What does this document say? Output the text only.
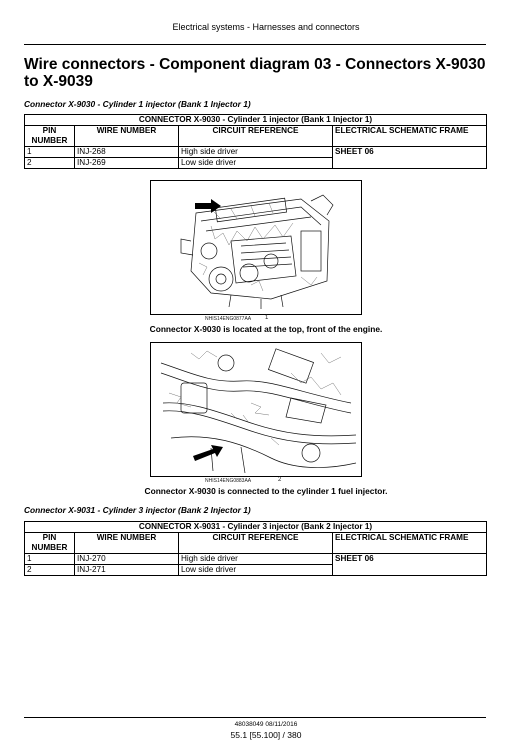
Electrical systems - Harnesses and connectors
Wire connectors - Component diagram 03 - Connectors X-9030 to X-9039
Connector X-9030 - Cylinder 1 injector (Bank 1 Injector 1)
CONNECTOR X-9030 - Cylinder 1 injector (Bank 1 Injector 1)			
PIN NUMBER	WIRE NUMBER	CIRCUIT REFERENCE	ELECTRICAL SCHEMATIC FRAME
1	INJ-268	High side driver	SHEET 06
2	INJ-269	Low side driver	
NHIS14ENG0877AA 1
Connector X-9030 is located at the top, front of the engine.
NHIS14ENG0883AA	2
Connector X-9030 is connected to the cylinder 1 fuel injector.
Connector X-9031 - Cylinder 3 injector (Bank 2 Injector 1)
CONNECTOR X-9031 - Cylinder 3 injector (Bank 2 Injector 1)			
PIN NUMBER	WIRE NUMBER	CIRCUIT REFERENCE	ELECTRICAL SCHEMATIC FRAME
1	INJ-270	High side driver	SHEET 06
2	INJ-271	Low side driver	
48038049 08/11/2016
55.1 [55.100] / 380
